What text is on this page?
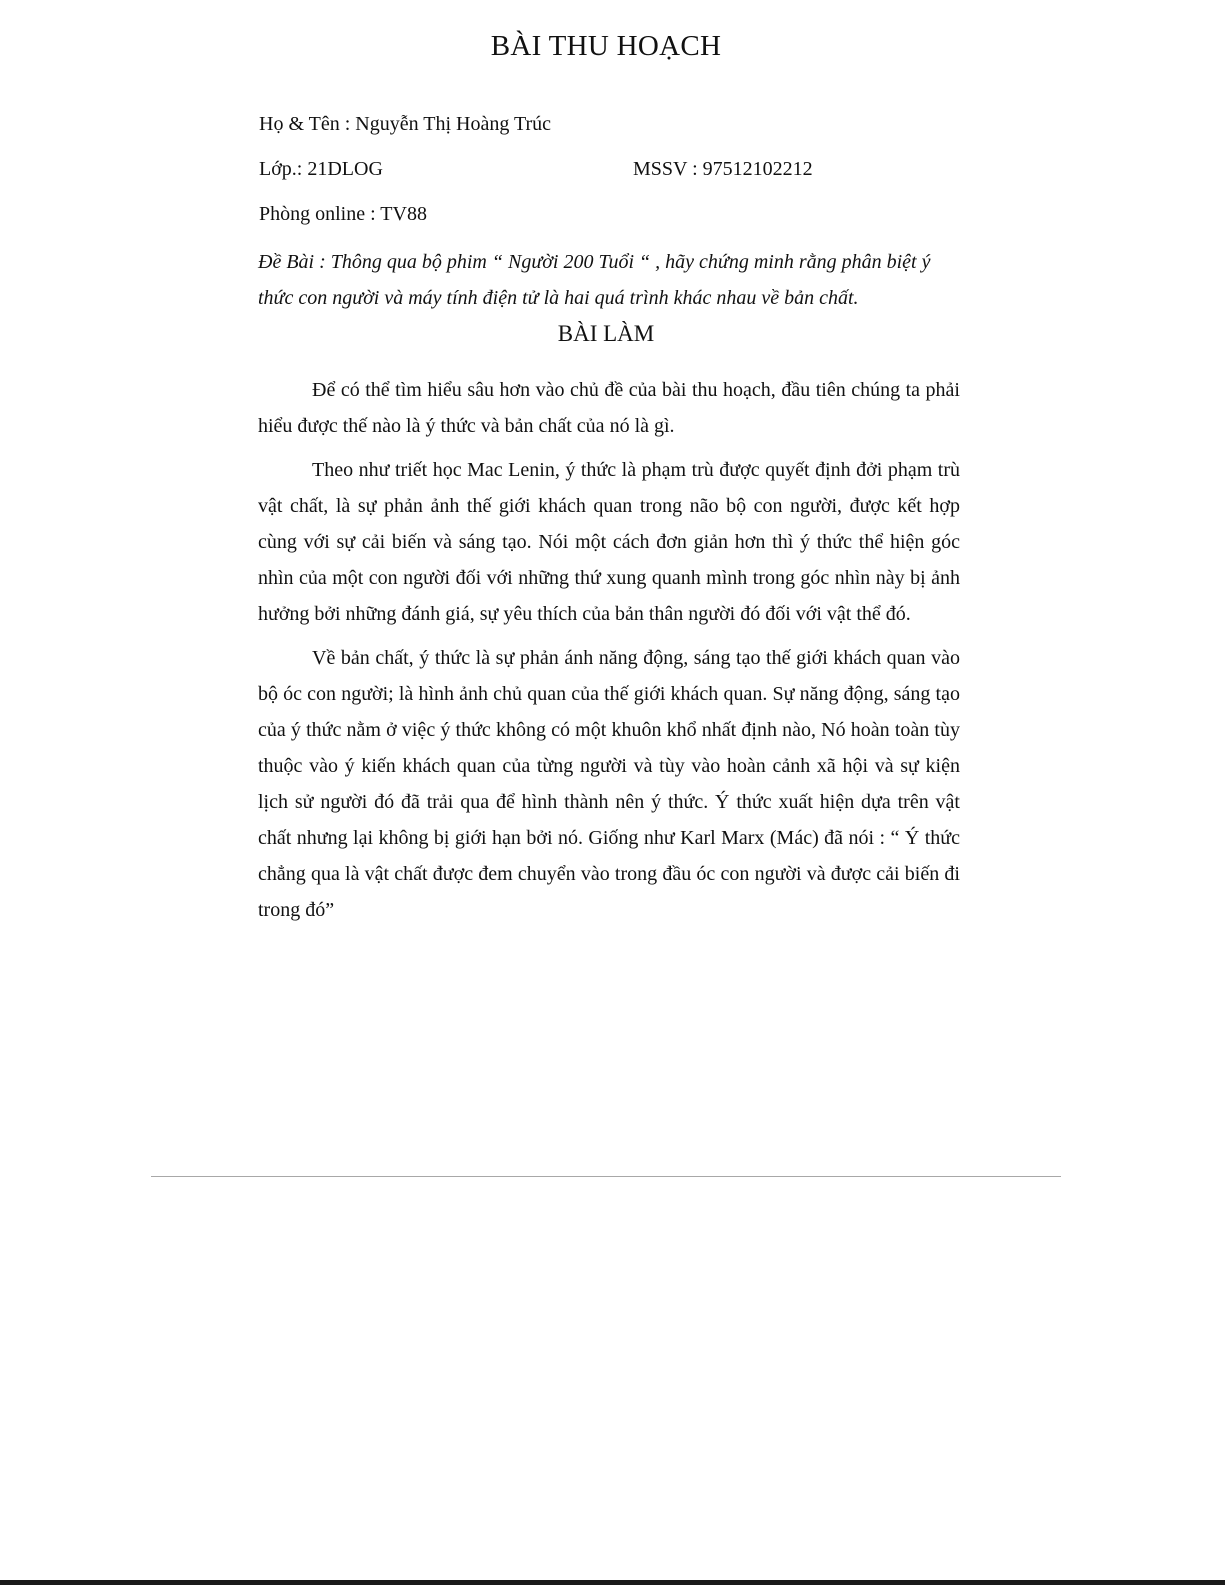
BÀI THU HOẠCH
Họ & Tên : Nguyễn Thị Hoàng Trúc
Lớp.: 21DLOG	MSSV : 97512102212
Phòng online : TV88
Đề Bài : Thông qua bộ phim “ Người 200 Tuổi “ , hãy chứng minh rằng phân biệt ý thức con người và máy tính điện tử là hai quá trình khác nhau về bản chất.
BÀI LÀM

Để có thể tìm hiểu sâu hơn vào chủ đề của bài thu hoạch, đầu tiên chúng ta phải hiểu được thế nào là ý thức và bản chất của nó là gì.

Theo như triết học Mac Lenin, ý thức là phạm trù được quyết định đởi phạm trù vật chất, là sự phản ảnh thế giới khách quan trong não bộ con người, được kết hợp cùng với sự cải biến và sáng tạo. Nói một cách đơn giản hơn thì ý thức thể hiện góc nhìn của một con người đối với những thứ xung quanh mình trong góc nhìn này bị ảnh hưởng bởi những đánh giá, sự yêu thích của bản thân người đó đối với vật thể đó.

Về bản chất, ý thức là sự phản ánh năng động, sáng tạo thế giới khách quan vào bộ óc con người; là hình ảnh chủ quan của thế giới khách quan. Sự năng động, sáng tạo của ý thức nằm ở việc ý thức không có một khuôn khổ nhất định nào, Nó hoàn toàn tùy thuộc vào ý kiến khách quan của từng người và tùy vào hoàn cảnh xã hội và sự kiện lịch sử người đó đã trải qua để hình thành nên ý thức. Ý thức xuất hiện dựa trên vật chất nhưng lại không bị giới hạn bởi nó. Giống như Karl Marx (Mác) đã nói : “ Ý thức chẳng qua là vật chất được đem chuyển vào trong đầu óc con người và được cải biến đi trong đó”
